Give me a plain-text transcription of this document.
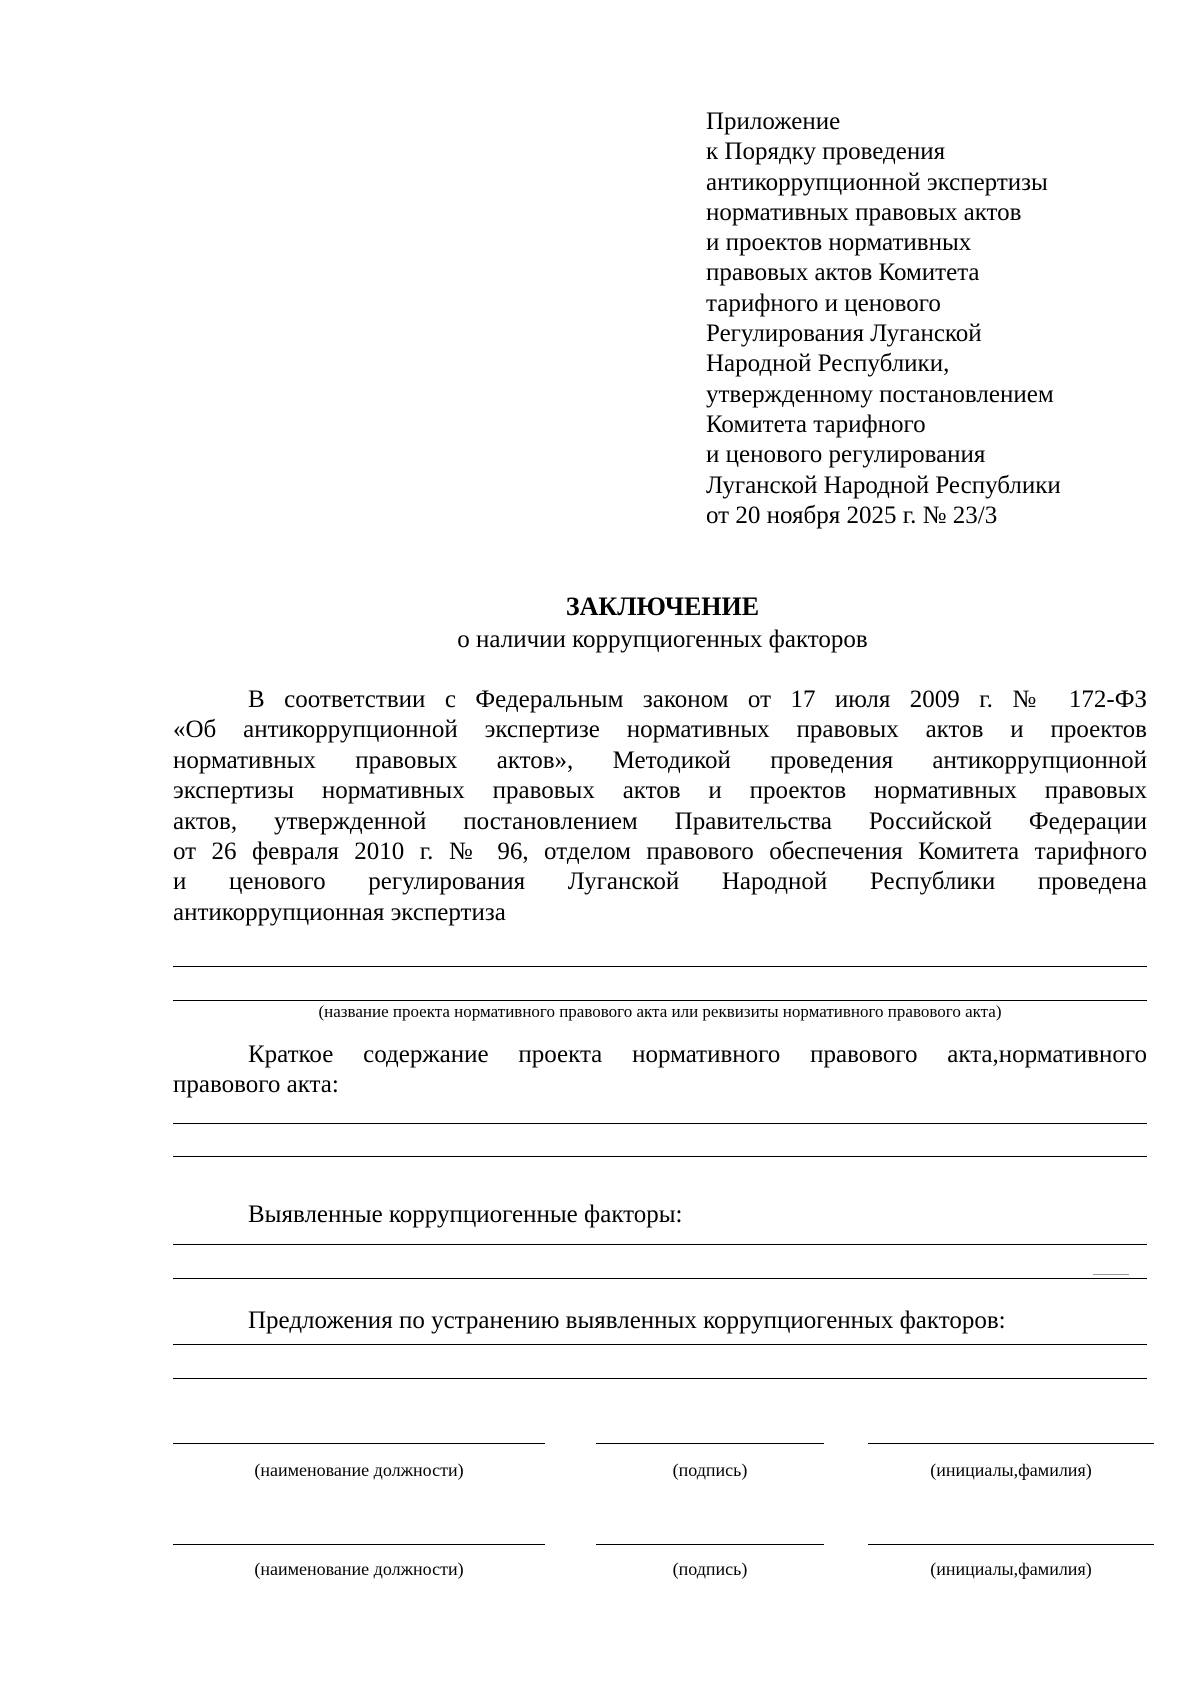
Приложение
к Порядку проведения
антикоррупционной экспертизы
нормативных правовых актов
и проектов нормативных
правовых актов Комитета
тарифного и ценового
Регулирования Луганской
Народной Республики,
утвержденному постановлением
Комитета тарифного
и ценового регулирования
Луганской Народной Республики
от 20 ноября 2025 г. № 23/3
ЗАКЛЮЧЕНИЕ
о наличии коррупциогенных факторов
В соответствии с Федеральным законом от 17 июля 2009 г. № 172-ФЗ
«Об антикоррупционной экспертизе нормативных правовых актов и проектов
нормативных правовых актов», Методикой проведения антикоррупционной
экспертизы нормативных правовых актов и проектов нормативных правовых
актов, утвержденной постановлением Правительства Российской Федерации
от 26 февраля 2010 г. № 96, отделом правового обеспечения Комитета тарифного
и ценового регулирования Луганской Народной Республики проведена
антикоррупционная экспертиза
(название проекта нормативного правового акта или реквизиты нормативного правового акта)
Краткое содержание проекта нормативного правового акта,нормативного
правового акта:
Выявленные коррупциогенные факторы:
Предложения по устранению выявленных коррупциогенных факторов:
(наименование должности)	(подпись)	(инициалы,фамилия)
(наименование должности)	(подпись)	(инициалы,фамилия)
